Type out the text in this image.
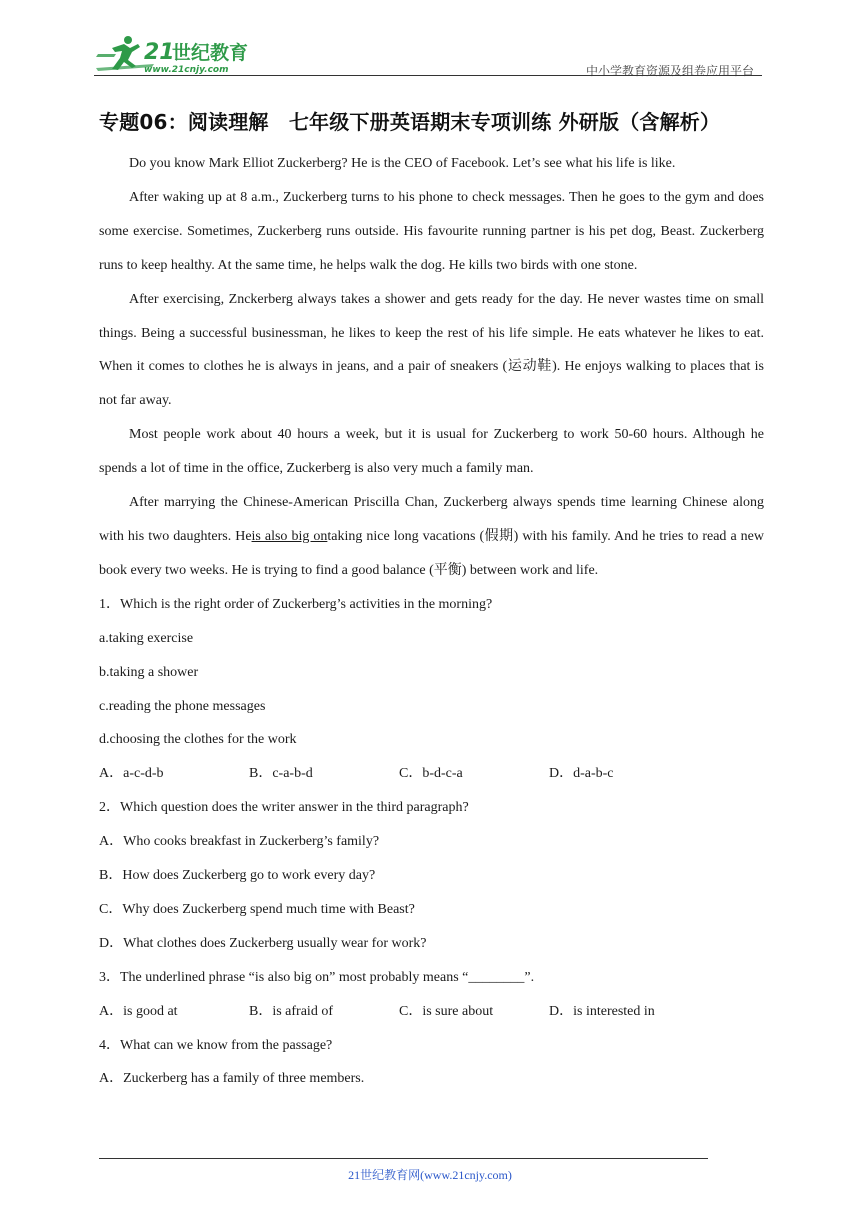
21
世纪教育
www.21cnjy.com	中小学教育资源及组卷应用平台
专题06：阅读理解　七年级下册英语期末专项训练 外研版（含解析）

Do you know Mark Elliot Zuckerberg? He is the CEO of Facebook. Let’s see what his life is like.

After waking up at 8 a.m., Zuckerberg turns to his phone to check messages. Then he goes to the gym and does some exercise. Sometimes, Zuckerberg runs outside. His favourite running partner is his pet dog, Beast. Zuckerberg runs to keep healthy. At the same time, he helps walk the dog. He kills two birds with one stone.

After exercising, Znckerberg always takes a shower and gets ready for the day. He never wastes time on small things. Being a successful businessman, he likes to keep the rest of his life simple. He eats whatever he likes to eat. When it comes to clothes he is always in jeans, and a pair of sneakers (运动鞋). He enjoys walking to places that is not far away.

Most people work about 40 hours a week, but it is usual for Zuckerberg to work 50-60 hours. Although he spends a lot of time in the office, Zuckerberg is also very much a family man.

After marrying the Chinese-American Priscilla Chan, Zuckerberg always spends time learning Chinese along with his two daughters. Heis also big ontaking nice long vacations (假期) with his family. And he tries to read a new book every two weeks. He is trying to find a good balance (平衡) between work and life.

1．Which is the right order of Zuckerberg’s activities in the morning?

a.taking exercise

b.taking a shower

c.reading the phone messages

d.choosing the clothes for the work

A．a-c-d-b	B．c-a-b-d	C．b-d-c-a	D．d-a-b-c

2．Which question does the writer answer in the third paragraph?

A．Who cooks breakfast in Zuckerberg’s family?

B．How does Zuckerberg go to work every day?

C．Why does Zuckerberg spend much time with Beast?

D．What clothes does Zuckerberg usually wear for work?

3．The underlined phrase “is also big on” most probably means “________”.

A．is good at	B．is afraid of	C．is sure about	D．is interested in

4．What can we know from the passage?

A．Zuckerberg has a family of three members.

21世纪教育网(www.21cnjy.com)
